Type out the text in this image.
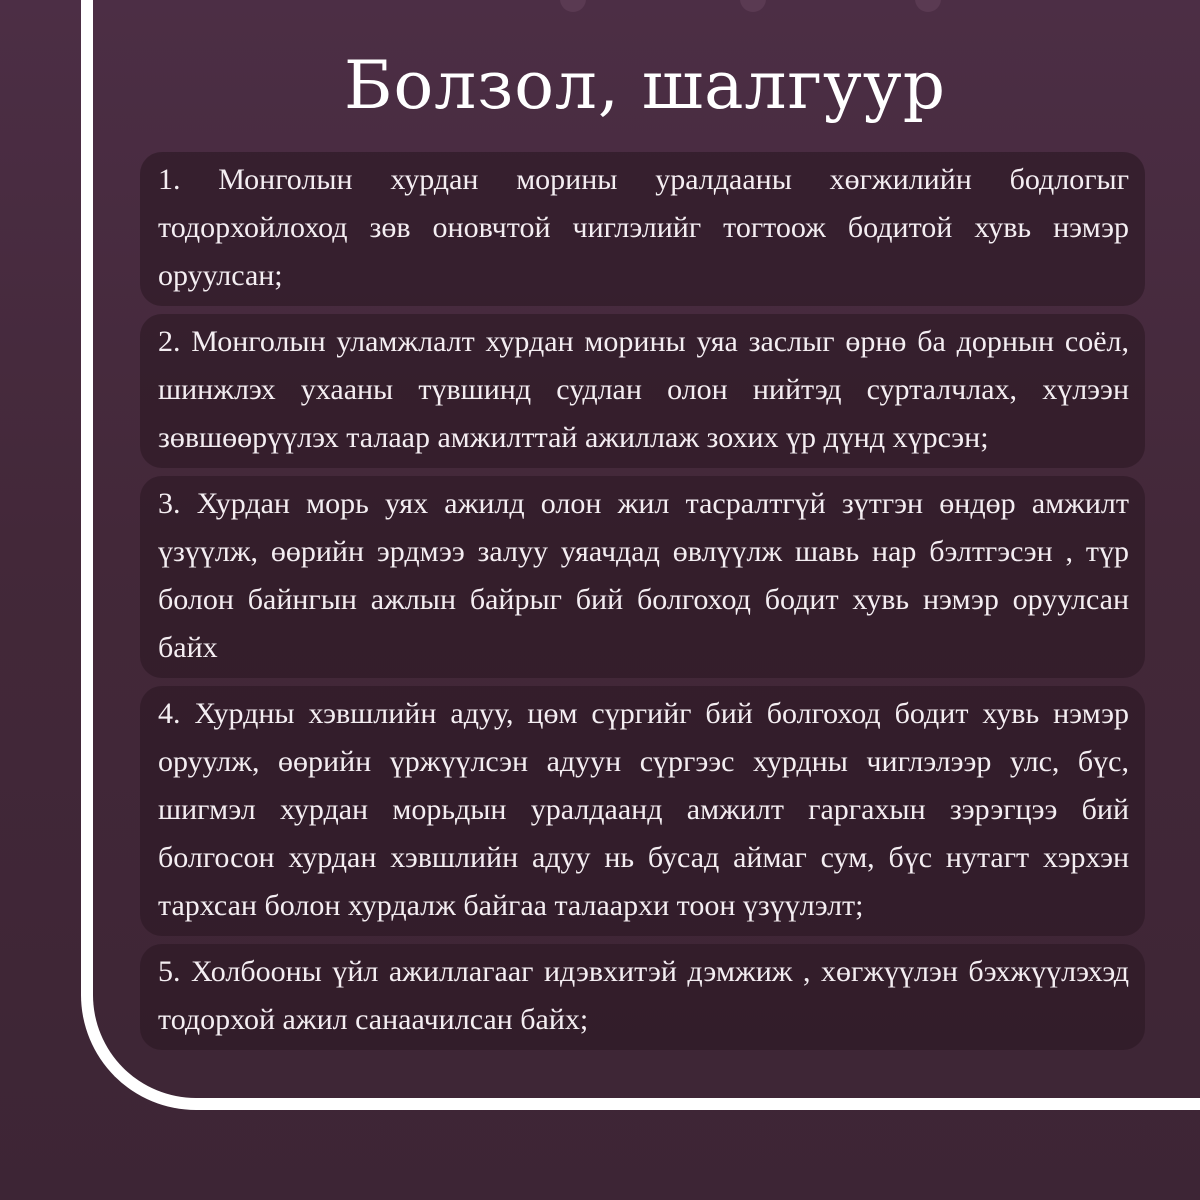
Болзол, шалгуур
1. Монголын хурдан морины уралдааны хөгжилийн бодлогыг тодорхойлоход зөв оновчтой чиглэлийг тогтоож бодитой хувь нэмэр оруулсан;
2. Монголын уламжлалт хурдан морины уяа заслыг өрнө ба дорнын соёл, шинжлэх ухааны түвшинд судлан олон нийтэд сурталчлах, хүлээн зөвшөөрүүлэх талаар амжилттай ажиллаж зохих үр дүнд хүрсэн;
3. Хурдан морь уях ажилд олон жил тасралтгүй зүтгэн өндөр амжилт үзүүлж, өөрийн эрдмээ залуу уяачдад өвлүүлж шавь нар бэлтгэсэн , түр болон байнгын ажлын байрыг бий болгоход бодит хувь нэмэр оруулсан байх
4. Хурдны хэвшлийн адуу, цөм сүргийг бий болгоход бодит хувь нэмэр оруулж, өөрийн үржүүлсэн адуун сүргээс хурдны чиглэлээр улс, бүс, шигмэл хурдан морьдын уралдаанд амжилт гаргахын зэрэгцээ бий болгосон хурдан хэвшлийн адуу нь бусад аймаг сум, бүс нутагт хэрхэн тархсан болон хурдалж байгаа талаархи тоон үзүүлэлт;
5. Холбооны үйл ажиллагааг идэвхитэй дэмжиж , хөгжүүлэн бэхжүүлэхэд тодорхой ажил санаачилсан байх;
